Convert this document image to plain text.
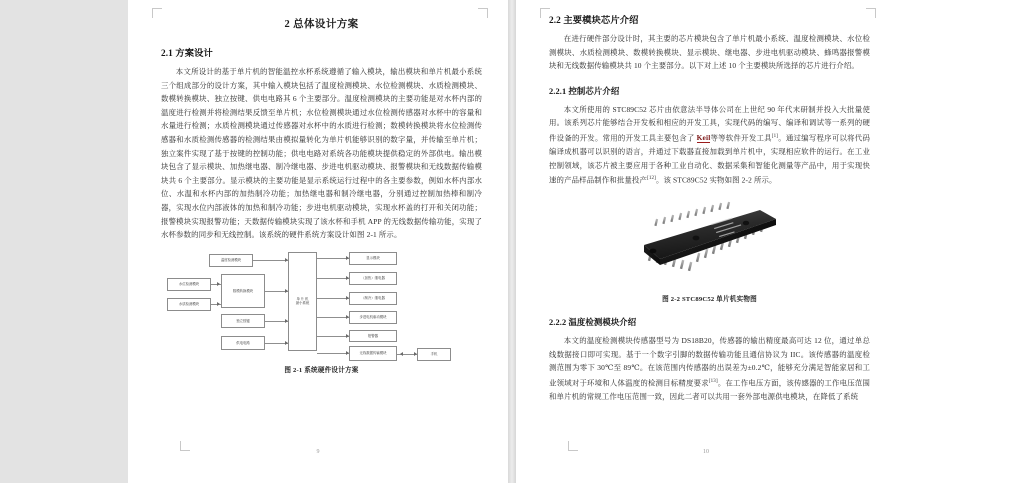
2 总体设计方案
2.1 方案设计
本文所设计的基于单片机的智能温控水杯系统遵循了输入模块，输出模块和单片机最小系统三个组成部分的设计方案，其中输入模块包括了温度检测模块、水位检测模块、水质检测模块、数模转换模块、独立按键、供电电路其 6 个主要部分。温度检测模块的主要功能是对水杯内部的温度进行检测并将检测结果反馈至单片机；水位检测模块通过水位检测传感器对水杯中的容量和水量进行检测；水质检测模块通过传感器对水杯中的水质进行检测；数模转换模块将水位检测传感器和水质检测传感器的检测结果由模拟量转化为单片机能够识别的数字量，并传输至单片机；独立案件实现了基于按键的控制功能；供电电路对系统各功能模块提供稳定的外部供电。输出模块包含了显示模块、加热继电器、制冷继电器、步进电机驱动模块、报警模块和无线数据传输模块共 6 个主要部分。显示模块的主要功能是显示系统运行过程中的各主要参数，例如水杯内部水位、水温和水杯内部的加热制冷功能；加热继电器和制冷继电器，分别通过控制加热棒和制冷器，实现水位内部液体的加热和制冷功能；步进电机驱动模块，实现水杯盖的打开和关闭功能；报警模块实现报警功能；天数据传输模块实现了该水杯和手机 APP 的无线数据传输功能，实现了水杯参数的同步和无线控制。该系统的硬件系统方案设计如图 2-1 所示。
温度检测模块
水位检测模块
水质检测模块
数模转换模块
独立按键
供电电路
单 片 机
最小系统
显示模块
（加热）继电器
（制冷）继电器
步进电机驱动模块
报警器
无线数据传输模块	手机
图 2-1 系统硬件设计方案
9
2.2 主要模块芯片介绍
在进行硬件部分设计时，其主要的芯片模块包含了单片机最小系统、温度检测模块、水位检测模块、水质检测模块、数模转换模块、显示模块、继电器、步进电机驱动模块、蜂鸣器报警模块和无线数据传输模块共 10 个主要部分。以下对上述 10 个主要模块所选择的芯片进行介绍。
2.2.1 控制芯片介绍
本文所使用的 STC89C52 芯片由依意法半导体公司在上世纪 90 年代末研制并投入大批量使用。该系列芯片能够结合开发板和相应的开发工具，实现代码的编写、编译和调试等一系列的硬件设备的开发。常用的开发工具主要包含了 Keil等等软件开发工具[1]。通过编写程序可以将代码编译成机器可以识别的语言，并通过下载器直接加载到单片机中，实现相应软件的运行。在工业控制领域，该芯片被主要应用于各种工业自动化、数据采集和智能化测量等产品中，用于实现快速的产品样品制作和批量投产[12]。该 STC89C52 实物如图 2-2 所示。
图 2-2 STC89C52 单片机实物图
2.2.2 温度检测模块介绍
本文的温度检测模块传感器型号为 DS18B20，传感器的输出精度最高可达 12 位，通过单总线数据接口即可实现。基于一个数字引脚的数据传输功能且通信协议为 IIC。该传感器的温度检测范围为零下 30℃至 89℃。在该范围内传感器的出误差为±0.2℃，能够充分满足智能家居和工业领域对于环境和人体温度的检测目标精度要求[13]。在工作电压方面，该传感器的工作电压范围和单片机的常规工作电压范围一致，因此二者可以共用一套外部电源供电模块，在降低了系统
10
